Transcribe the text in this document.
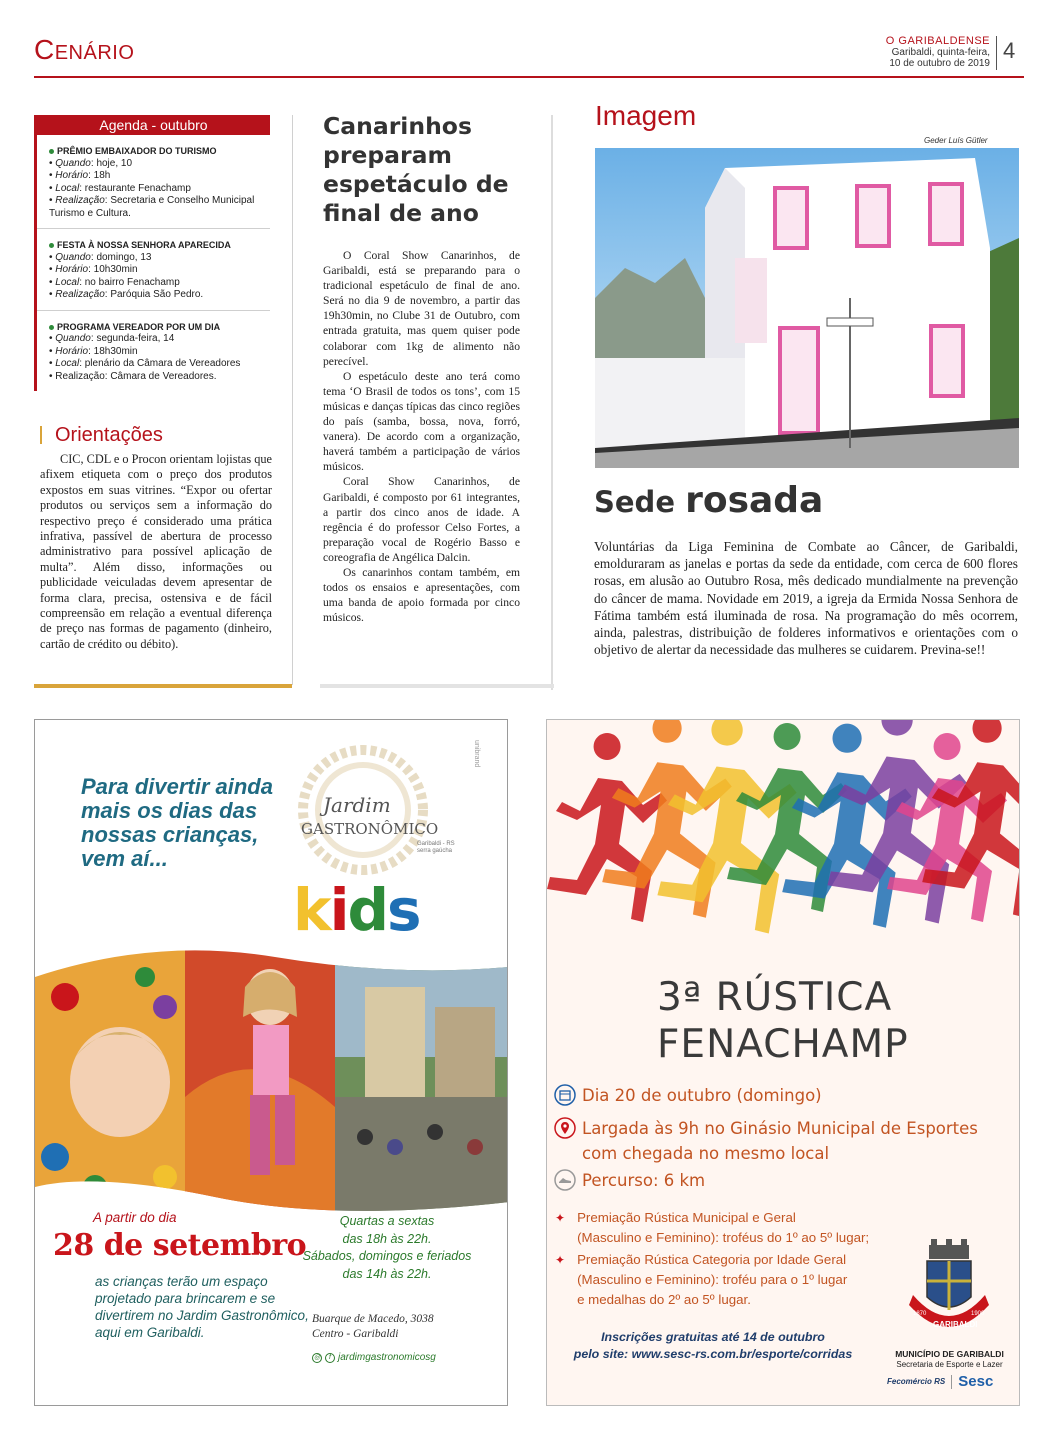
Cenário	O GARIBALDENSE
Garibaldi, quinta-feira,
10 de outubro de 2019
4
Agenda - outubro
PRÊMIO EMBAIXADOR DO TURISMO
• Quando: hoje, 10
• Horário: 18h
• Local: restaurante Fenachamp
• Realização: Secretaria e Conselho Municipal Turismo e Cultura.
FESTA À NOSSA SENHORA APARECIDA
• Quando: domingo, 13
• Horário: 10h30min
• Local: no bairro Fenachamp
• Realização: Paróquia São Pedro.
PROGRAMA VEREADOR POR UM DIA
• Quando: segunda-feira, 14
• Horário: 18h30min
• Local: plenário da Câmara de Vereadores
• Realização: Câmara de Vereadores.
Orientações
CIC, CDL e o Procon orientam lojistas que afixem etiqueta com o preço dos produtos expostos em suas vitrines. “Expor ou ofertar produtos ou serviços sem a informação do respectivo preço é considerado uma prática infrativa, passível de abertura de processo administrativo para possível aplicação de multa”. Além disso, informações ou publicidade veiculadas devem apresentar de forma clara, precisa, ostensiva e de fácil compreensão em relação a eventual diferença de preço nas formas de pagamento (dinheiro, cartão de crédito ou débito).
Canarinhos preparam espetáculo de final de ano

O Coral Show Canarinhos, de Garibaldi, está se preparando para o tradicional espetáculo de final de ano. Será no dia 9 de novembro, a partir das 19h30min, no Clube 31 de Outubro, com entrada gratuita, mas quem quiser pode colaborar com 1kg de alimento não perecível.

O espetáculo deste ano terá como tema ‘O Brasil de todos os tons’, com 15 músicas e danças típicas das cinco regiões do país (samba, bossa, nova, forró, vanera). De acordo com a organização, haverá também a participação de vários músicos.

Coral Show Canarinhos, de Garibaldi, é composto por 61 integrantes, a partir dos cinco anos de idade. A regência é do professor Celso Fortes, a preparação vocal de Rogério Basso e coreografia de Angélica Dalcin.

Os canarinhos contam também, em todos os ensaios e apresentações, com uma banda de apoio formada por cinco músicos.

Imagem
Geder Luís Gütler
Sede rosada
Voluntárias da Liga Feminina de Combate ao Câncer, de Garibaldi, emolduraram as janelas e portas da sede da entidade, com cerca de 600 flores rosas, em alusão ao Outubro Rosa, mês dedicado mundialmente na prevenção do câncer de mama. Novidade em 2019, a igreja da Ermida Nossa Senhora de Fátima também está iluminada de rosa. Na programação do mês ocorrem, ainda, palestras, distribuição de folderes informativos e orientações com o objetivo de alertar da necessidade das mulheres se cuidarem. Previna-se!!
unibrand
Para divertir ainda mais os dias das nossas crianças, vem aí...
Jardim
GASTRONÔMICO
Garibaldi - RS
serra gaúcha
kids
A partir do dia
28 de setembro
as crianças terão um espaço projetado para brincarem e se divertirem no Jardim Gastronômico, aqui em Garibaldi.
Quartas a sextas
das 18h às 22h.
Sábados, domingos e feriados
das 14h às 22h.
Buarque de Macedo, 3038
Centro - Garibaldi
◎	f jardimgastronomicosg
3ª RÚSTICA
FENACHAMP
Dia 20 de outubro (domingo)
Largada às 9h no Ginásio Municipal de Esportes
com chegada no mesmo local
Percurso: 6 km
✦ Premiação Rústica Municipal e Geral
(Masculino e Feminino): troféus do 1º ao 5º lugar;
✦ Premiação Rústica Categoria por Idade Geral
(Masculino e Feminino): troféu para o 1º lugar
e medalhas do 2º ao 5º lugar.
Inscrições gratuitas até 14 de outubro
pelo site: www.sesc-rs.com.br/esporte/corridas
GARIBALDI
1870	1900
MUNICÍPIO DE GARIBALDI
Secretaria de Esporte e Lazer
Fecomércio RS Sesc
